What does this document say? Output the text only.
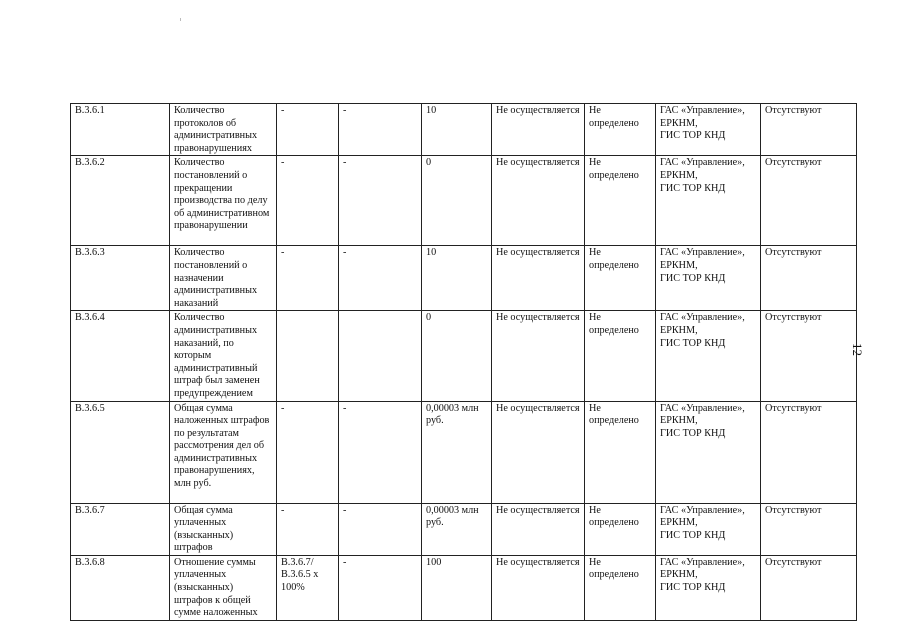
В.3.6.1	Количество протоколов об административных правонарушениях	-	-	10	Не осуществляется	Не определено	ГАС «Управление»,
ЕРКНМ,
ГИС ТОР КНД	Отсутствуют
В.3.6.2	Количество постановлений о прекращении производства по делу об административном правонарушении	-	-	0	Не осуществляется	Не определено	ГАС «Управление»,
ЕРКНМ,
ГИС ТОР КНД	Отсутствуют
В.3.6.3	Количество постановлений о назначении административных наказаний	-	-	10	Не осуществляется	Не определено	ГАС «Управление»,
ЕРКНМ,
ГИС ТОР КНД	Отсутствуют
В.3.6.4	Количество административных наказаний, по которым административный штраф был заменен предупреждением			0	Не осуществляется	Не определено	ГАС «Управление»,
ЕРКНМ,
ГИС ТОР КНД	Отсутствуют
В.3.6.5	Общая сумма наложенных штрафов по результатам рассмотрения дел об административных правонарушениях, млн руб.	-	-	0,00003 млн руб.	Не осуществляется	Не определено	ГАС «Управление»,
ЕРКНМ,
ГИС ТОР КНД	Отсутствуют
В.3.6.7	Общая сумма уплаченных (взысканных) штрафов	-	-	0,00003 млн руб.	Не осуществляется	Не определено	ГАС «Управление»,
ЕРКНМ,
ГИС ТОР КНД	Отсутствуют
В.3.6.8	Отношение суммы уплаченных (взысканных) штрафов к общей сумме наложенных	В.3.6.7/ В.3.6.5 х 100%	-	100	Не осуществляется	Не определено	ГАС «Управление»,
ЕРКНМ,
ГИС ТОР КНД	Отсутствуют
12
